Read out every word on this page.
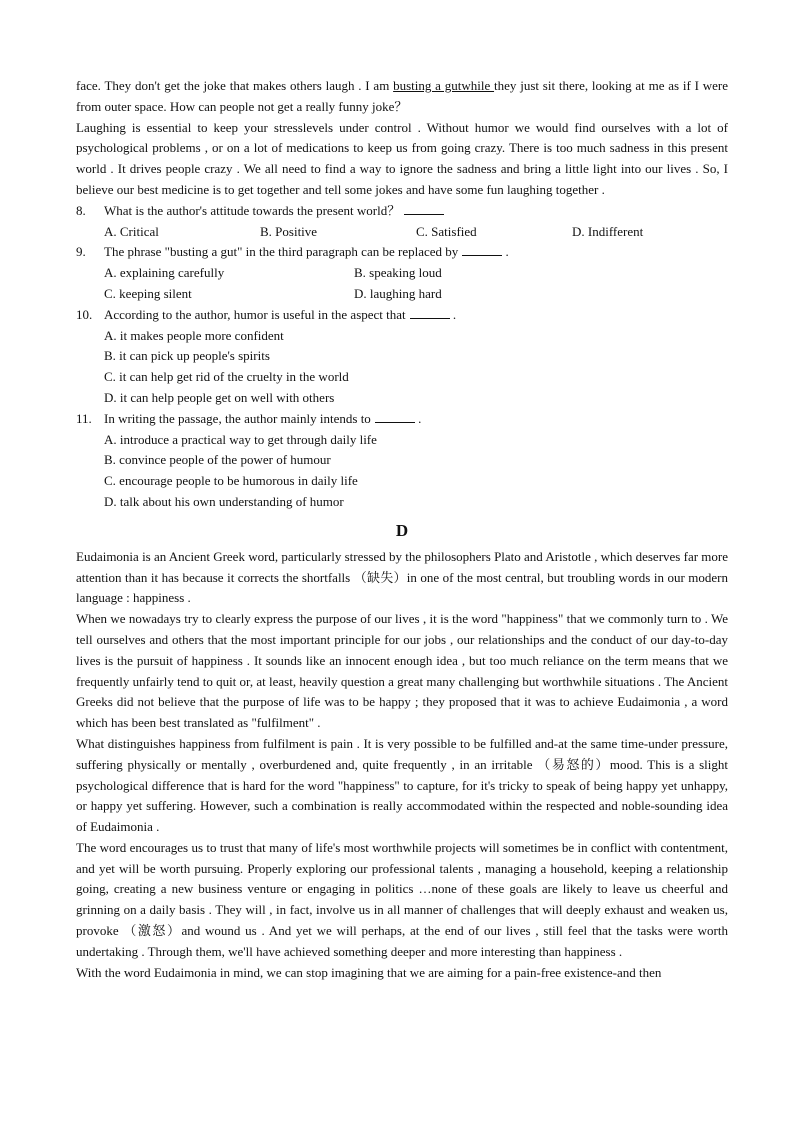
face. They don't get the joke that makes others laugh . I am busting a gutwhile they just sit there, looking at me as if I were from outer space. How can people not get a really funny joke？

Laughing is essential to keep your stresslevels under control . Without humor we would find ourselves with a lot of psychological problems , or on a lot of medications to keep us from going crazy. There is too much sadness in this present world . It drives people crazy . We all need to find a way to ignore the sadness and bring a little light into our lives . So, I believe our best medicine is to get together and tell some jokes and have some fun laughing together .

8.	What is the author's attitude towards the present world？
A. Critical	B. Positive	C. Satisfied	D. Indifferent
9.	The phrase "busting a gut" in the third paragraph can be replaced by	.
A. explaining carefully	B. speaking loud
C. keeping silent	D. laughing hard
10. According to the author, humor is useful in the aspect that	.
A. it makes people more confident
B. it can pick up people's spirits
C. it can help get rid of the cruelty in the world
D. it can help people get on well with others
11. In writing the passage, the author mainly intends to	.
A. introduce a practical way to get through daily life
B. convince people of the power of humour
C. encourage people to be humorous in daily life
D. talk about his own understanding of humor
D

Eudaimonia is an Ancient Greek word, particularly stressed by the philosophers Plato and Aristotle , which deserves far more attention than it has because it corrects the shortfalls （缺失）in one of the most central, but troubling words in our modern language : happiness .

When we nowadays try to clearly express the purpose of our lives , it is the word "happiness" that we commonly turn to . We tell ourselves and others that the most important principle for our jobs , our relationships and the conduct of our day-to-day lives is the pursuit of happiness . It sounds like an innocent enough idea , but too much reliance on the term means that we frequently unfairly tend to quit or, at least, heavily question a great many challenging but worthwhile situations . The Ancient Greeks did not believe that the purpose of life was to be happy ; they proposed that it was to achieve Eudaimonia , a word which has been best translated as "fulfilment" .

What distinguishes happiness from fulfilment is pain . It is very possible to be fulfilled and-at the same time-under pressure, suffering physically or mentally , overburdened and, quite frequently , in an irritable （易怒的）mood. This is a slight psychological difference that is hard for the word "happiness" to capture, for it's tricky to speak of being happy yet unhappy, or happy yet suffering. However, such a combination is really accommodated within the respected and noble-sounding idea of Eudaimonia .

The word encourages us to trust that many of life's most worthwhile projects will sometimes be in conflict with contentment, and yet will be worth pursuing. Properly exploring our professional talents , managing a household, keeping a relationship going, creating a new business venture or engaging in politics …none of these goals are likely to leave us cheerful and grinning on a daily basis . They will , in fact, involve us in all manner of challenges that will deeply exhaust and weaken us, provoke （激怒）and wound us . And yet we will perhaps, at the end of our lives , still feel that the tasks were worth undertaking . Through them, we'll have achieved something deeper and more interesting than happiness .

With the word Eudaimonia in mind, we can stop imagining that we are aiming for a pain-free existence-and then
